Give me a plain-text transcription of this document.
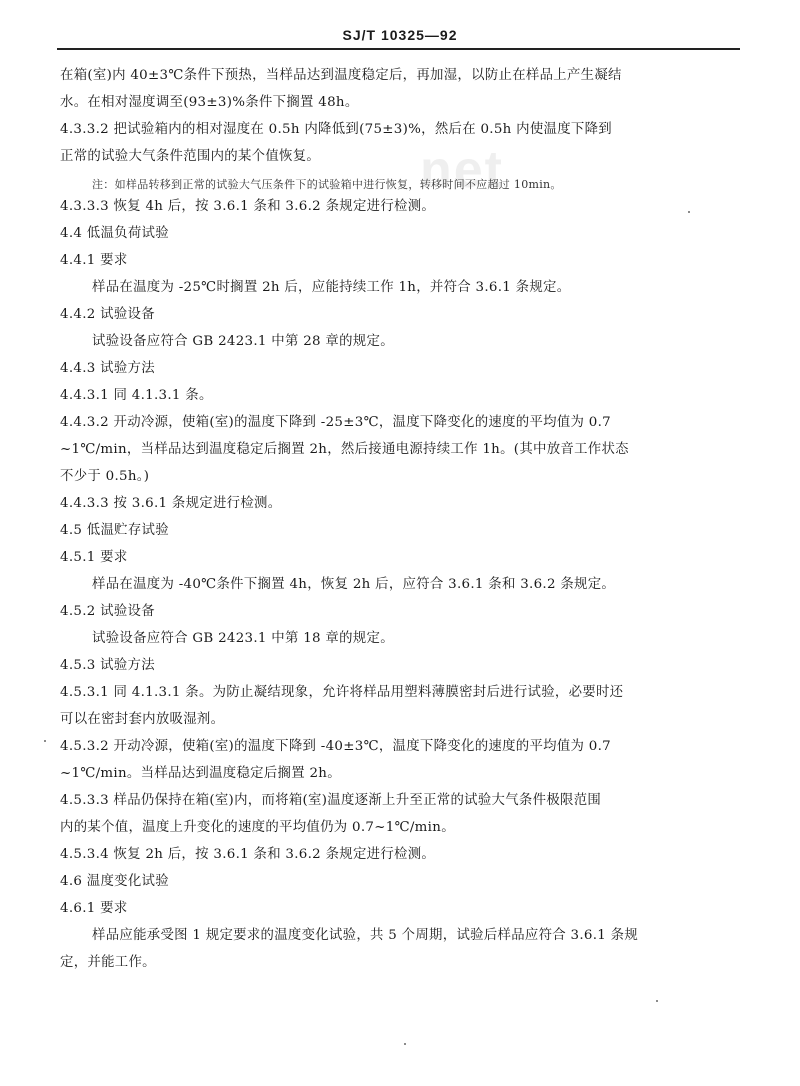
SJ/T 10325—92
net
在箱(室)内 40±3℃条件下预热，当样品达到温度稳定后，再加湿，以防止在样品上产生凝结
水。在相对湿度调至(93±3)%条件下搁置 48h。
4.3.3.2 把试验箱内的相对湿度在 0.5h 内降低到(75±3)%，然后在 0.5h 内使温度下降到
正常的试验大气条件范围内的某个值恢复。
注：如样品转移到正常的试验大气压条件下的试验箱中进行恢复，转移时间不应超过 10min。
4.3.3.3 恢复 4h 后，按 3.6.1 条和 3.6.2 条规定进行检测。
4.4 低温负荷试验
4.4.1 要求
样品在温度为 -25℃时搁置 2h 后，应能持续工作 1h，并符合 3.6.1 条规定。
4.4.2 试验设备
试验设备应符合 GB 2423.1 中第 28 章的规定。
4.4.3 试验方法
4.4.3.1 同 4.1.3.1 条。
4.4.3.2 开动冷源，使箱(室)的温度下降到 -25±3℃，温度下降变化的速度的平均值为 0.7
~1℃/min，当样品达到温度稳定后搁置 2h，然后接通电源持续工作 1h。(其中放音工作状态
不少于 0.5h。)
4.4.3.3 按 3.6.1 条规定进行检测。
4.5 低温贮存试验
4.5.1 要求
样品在温度为 -40℃条件下搁置 4h，恢复 2h 后，应符合 3.6.1 条和 3.6.2 条规定。
4.5.2 试验设备
试验设备应符合 GB 2423.1 中第 18 章的规定。
4.5.3 试验方法
4.5.3.1 同 4.1.3.1 条。为防止凝结现象，允许将样品用塑料薄膜密封后进行试验，必要时还
可以在密封套内放吸湿剂。
4.5.3.2 开动冷源，使箱(室)的温度下降到 -40±3℃，温度下降变化的速度的平均值为 0.7
~1℃/min。当样品达到温度稳定后搁置 2h。
4.5.3.3 样品仍保持在箱(室)内，而将箱(室)温度逐渐上升至正常的试验大气条件极限范围
内的某个值，温度上升变化的速度的平均值仍为 0.7~1℃/min。
4.5.3.4 恢复 2h 后，按 3.6.1 条和 3.6.2 条规定进行检测。
4.6 温度变化试验
4.6.1 要求
样品应能承受图 1 规定要求的温度变化试验，共 5 个周期，试验后样品应符合 3.6.1 条规
定，并能工作。
